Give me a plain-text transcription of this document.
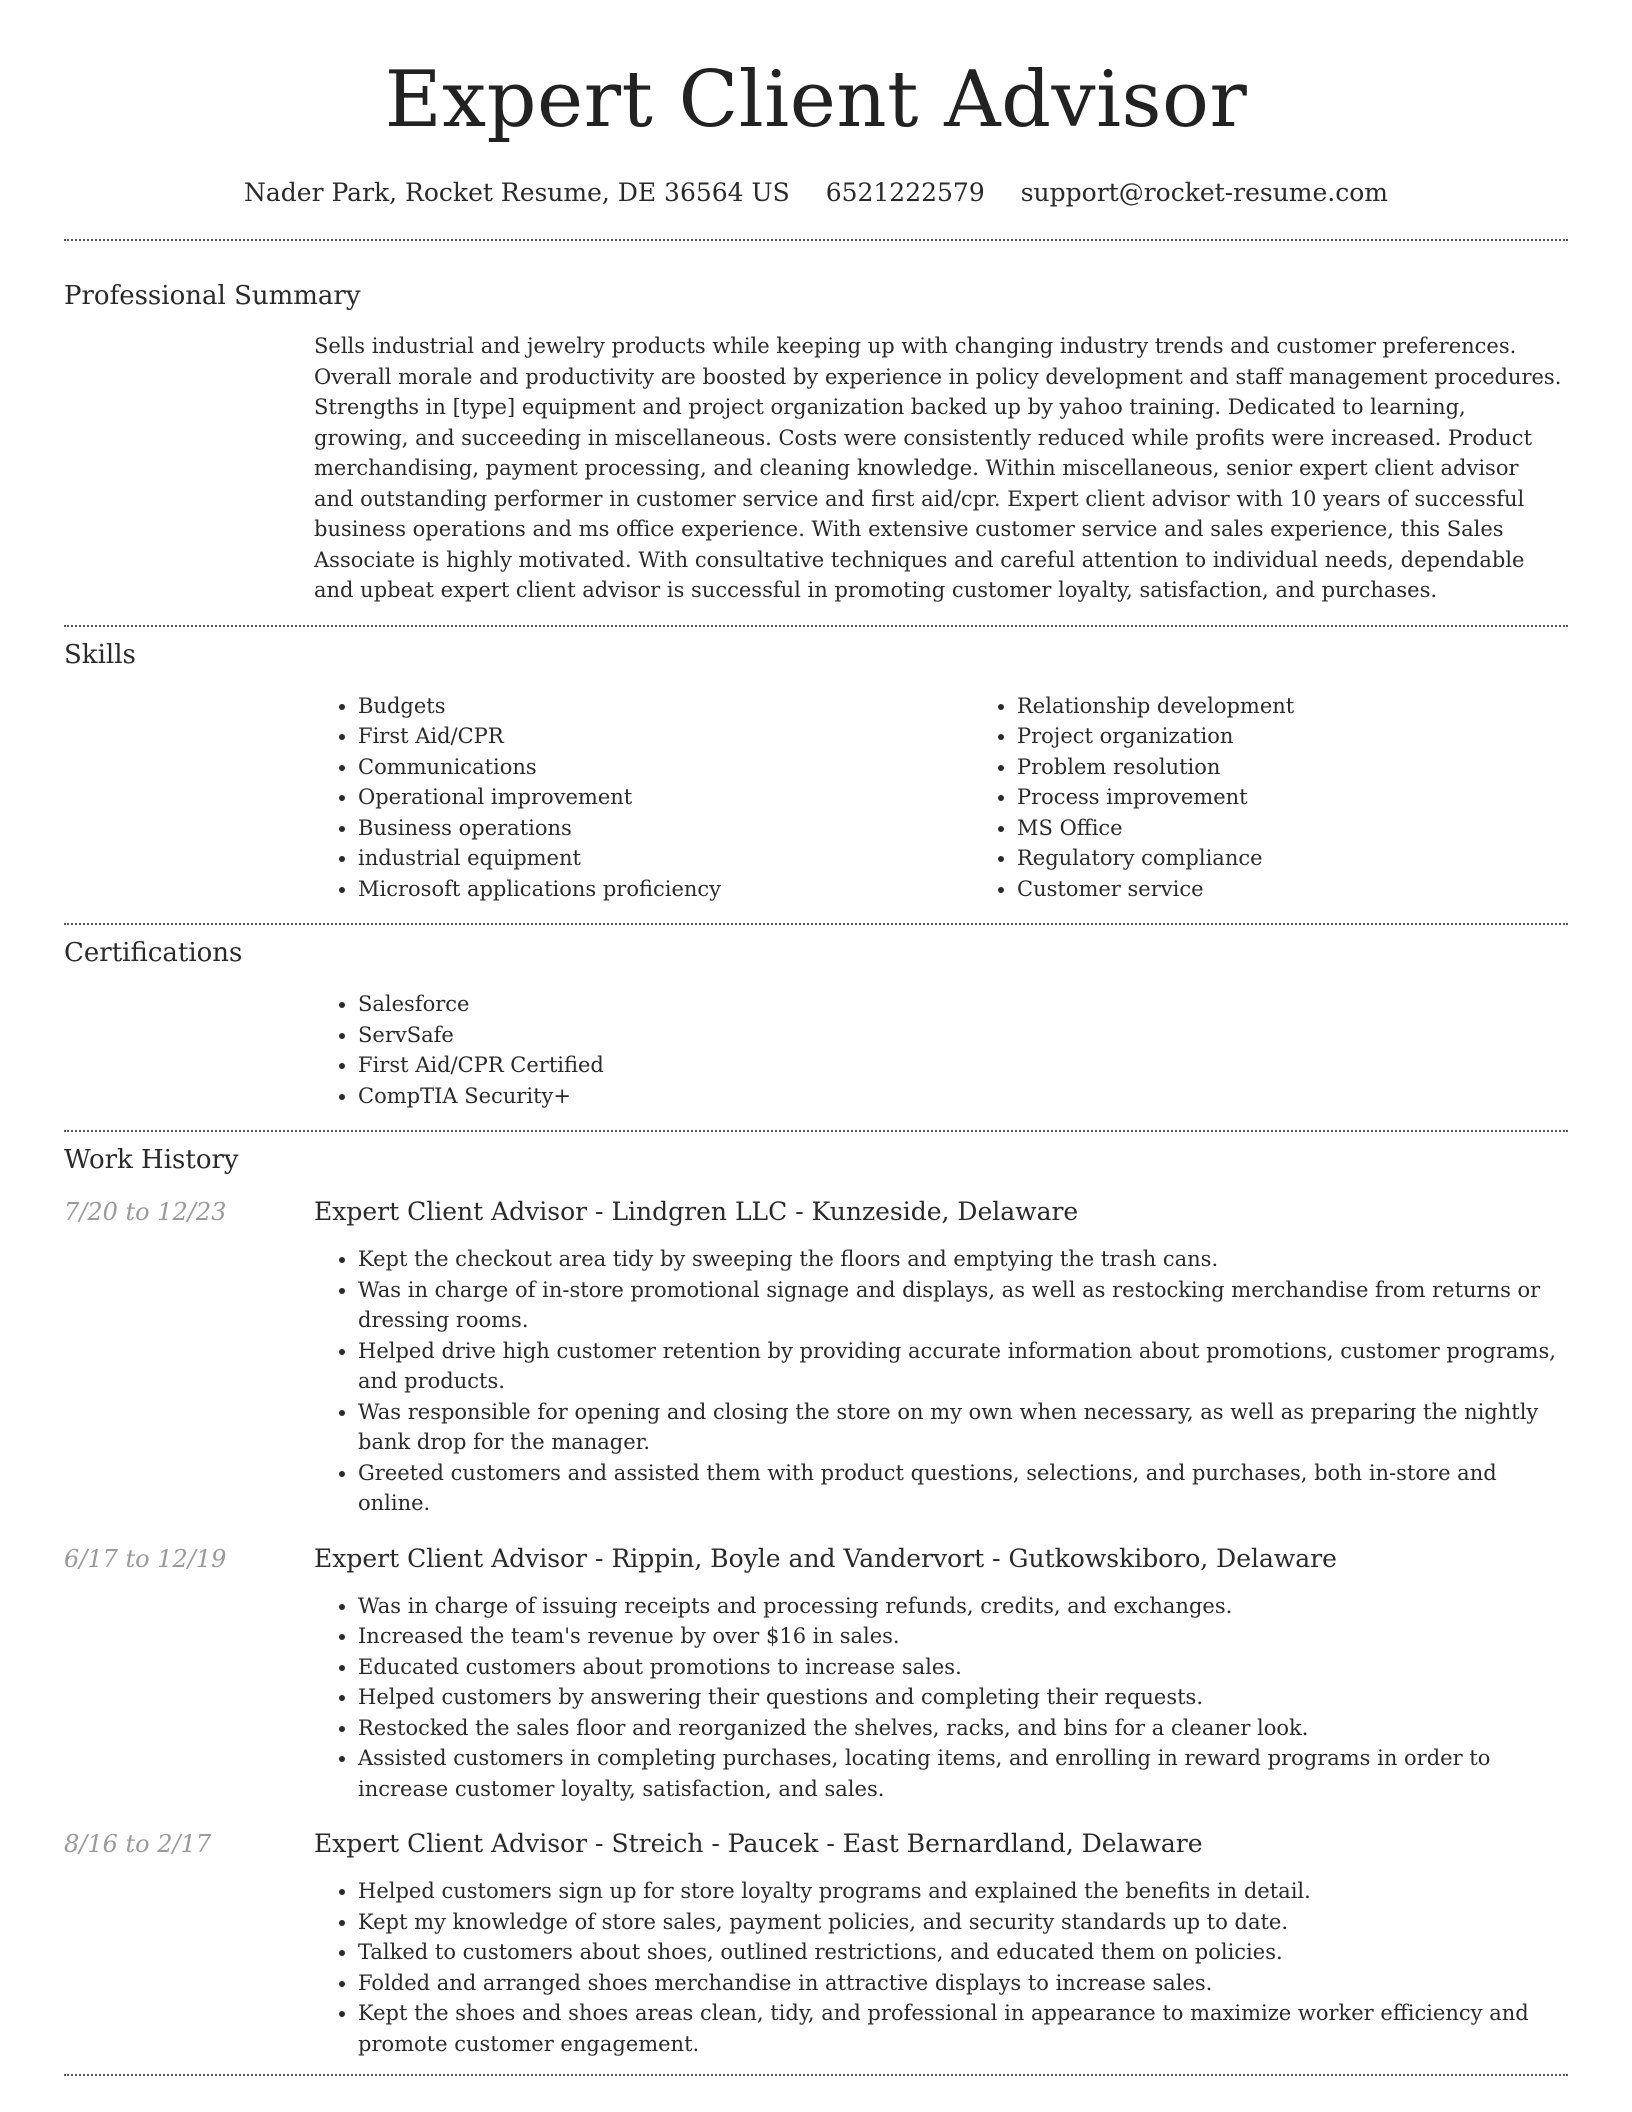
Expert Client Advisor
Nader Park, Rocket Resume, DE 36564 US 6521222579 support@rocket-resume.com
Professional Summary
Sells industrial and jewelry products while keeping up with changing industry trends and customer preferences. Overall morale and productivity are boosted by experience in policy development and staff management procedures. Strengths in [type] equipment and project organization backed up by yahoo training. Dedicated to learning, growing, and succeeding in miscellaneous. Costs were consistently reduced while profits were increased. Product merchandising, payment processing, and cleaning knowledge. Within miscellaneous, senior expert client advisor and outstanding performer in customer service and first aid/cpr. Expert client advisor with 10 years of successful business operations and ms office experience. With extensive customer service and sales experience, this Sales Associate is highly motivated. With consultative techniques and careful attention to individual needs, dependable and upbeat expert client advisor is successful in promoting customer loyalty, satisfaction, and purchases.
Skills
• Budgets
• First Aid/CPR
• Communications
• Operational improvement
• Business operations
• industrial equipment
• Microsoft applications proficiency
• Relationship development
• Project organization
• Problem resolution
• Process improvement
• MS Office
• Regulatory compliance
• Customer service
Certifications
• Salesforce
• ServSafe
• First Aid/CPR Certified
• CompTIA Security+
Work History
7/20 to 12/23	Expert Client Advisor - Lindgren LLC - Kunzeside, Delaware
• Kept the checkout area tidy by sweeping the floors and emptying the trash cans.
• Was in charge of in-store promotional signage and displays, as well as restocking merchandise from returns or dressing rooms.
• Helped drive high customer retention by providing accurate information about promotions, customer programs, and products.
• Was responsible for opening and closing the store on my own when necessary, as well as preparing the nightly bank drop for the manager.
• Greeted customers and assisted them with product questions, selections, and purchases, both in-store and online.
6/17 to 12/19	Expert Client Advisor - Rippin, Boyle and Vandervort - Gutkowskiboro, Delaware
• Was in charge of issuing receipts and processing refunds, credits, and exchanges.
• Increased the team's revenue by over $16 in sales.
• Educated customers about promotions to increase sales.
• Helped customers by answering their questions and completing their requests.
• Restocked the sales floor and reorganized the shelves, racks, and bins for a cleaner look.
• Assisted customers in completing purchases, locating items, and enrolling in reward programs in order to increase customer loyalty, satisfaction, and sales.
8/16 to 2/17	Expert Client Advisor - Streich - Paucek - East Bernardland, Delaware
• Helped customers sign up for store loyalty programs and explained the benefits in detail.
• Kept my knowledge of store sales, payment policies, and security standards up to date.
• Talked to customers about shoes, outlined restrictions, and educated them on policies.
• Folded and arranged shoes merchandise in attractive displays to increase sales.
• Kept the shoes and shoes areas clean, tidy, and professional in appearance to maximize worker efficiency and promote customer engagement.
